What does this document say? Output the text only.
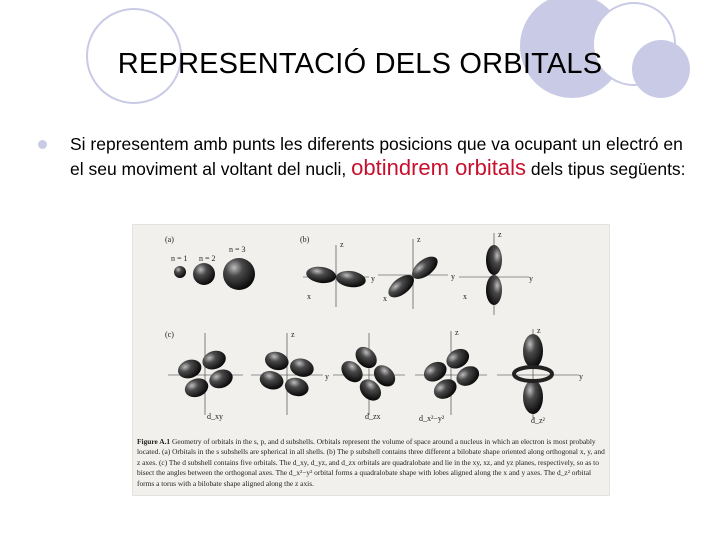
REPRESENTACIÓ DELS ORBITALS
Si representem amb punts les diferents posicions que va ocupant un electró en el seu moviment al voltant del nucli, obtindrem orbitals dels tipus següents:
(a)
n = 1 n = 2
n = 3
(b)
z
y
x
z
y
x
z
y
x
(c)
d_xy
z
y
d_zx
z
d_x²−y²
z
y
d_z²
Figure A.1 Geometry of orbitals in the s, p, and d subshells. Orbitals represent the volume of space around a nucleus in which an electron is most probably located. (a) Orbitals in the s subshells are spherical in all shells. (b) The p subshell contains three different a bilobate shape oriented along orthogonal x, y, and z axes. (c) The d subshell contains five orbitals. The d_xy, d_yz, and d_zx orbitals are quadralobate and lie in the xy, xz, and yz planes, respectively, so as to bisect the angles between the orthogonal axes. The d_x²−y² orbital forms a quadralobate shape with lobes aligned along the x and y axes. The d_z² orbital forms a torus with a bilobate shape aligned along the z axis.
